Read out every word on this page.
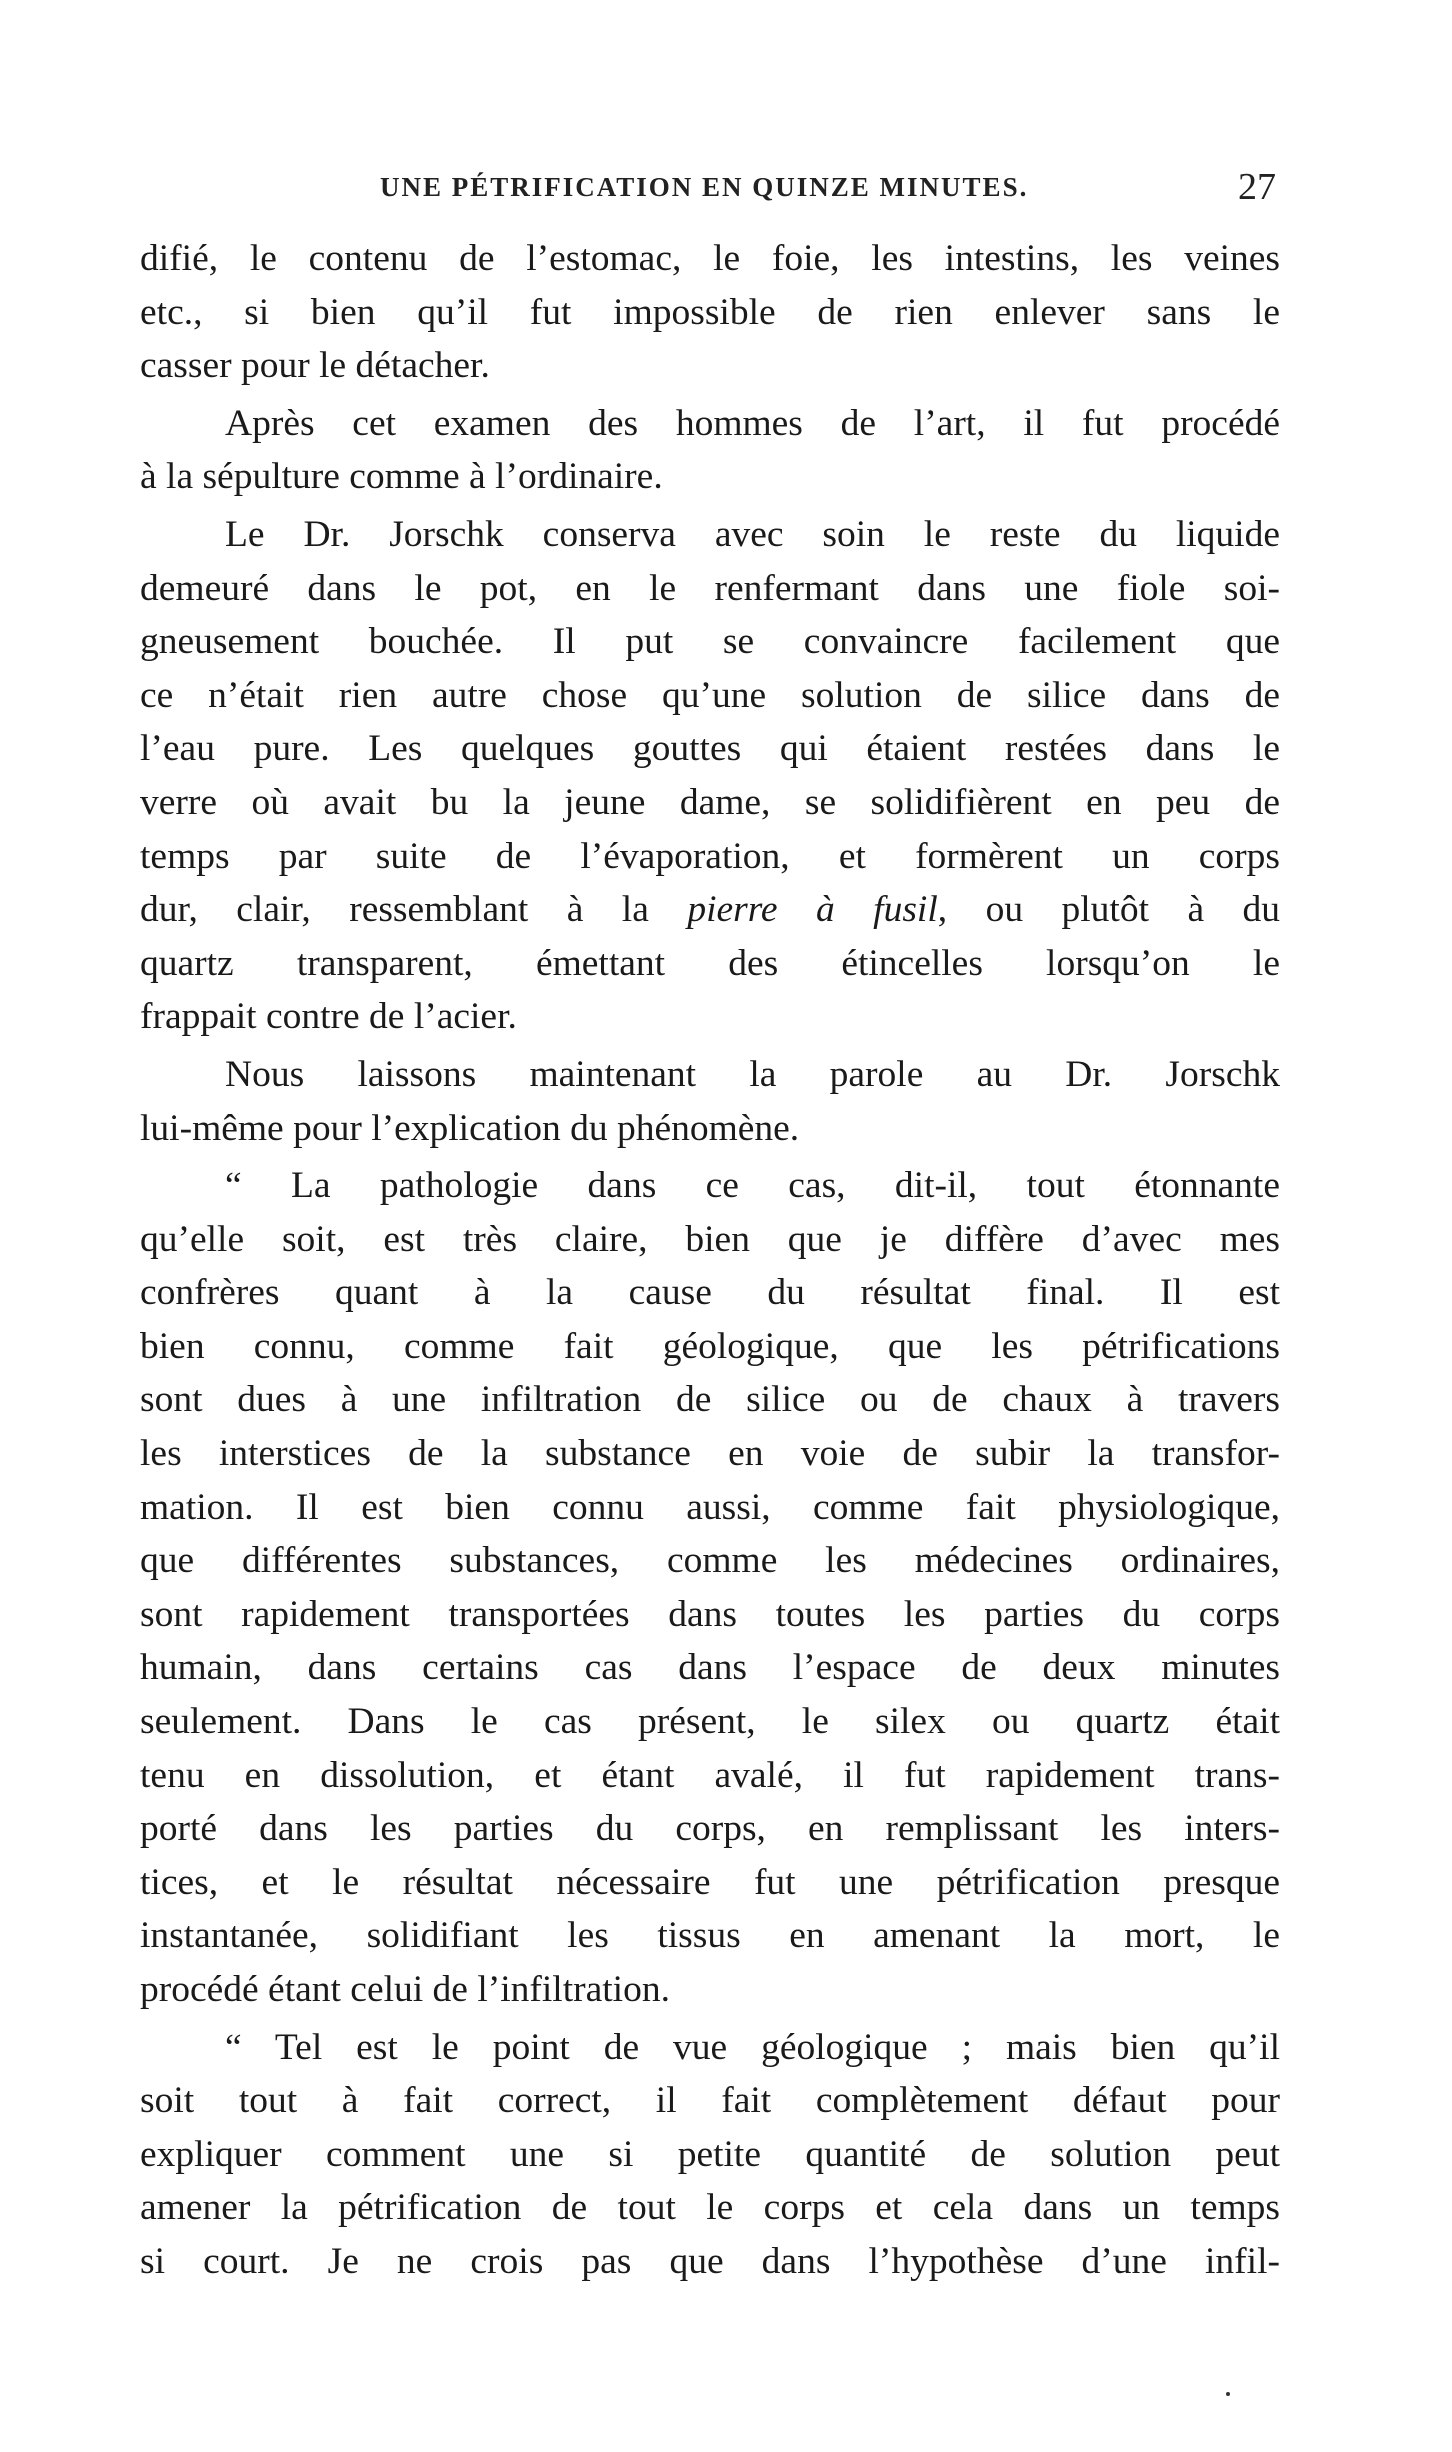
UNE PÉTRIFICATION EN QUINZE MINUTES.	27
difié, le contenu de l’estomac, le foie, les intestins, les veines
etc., si bien qu’il fut impossible de rien enlever sans le
casser pour le détacher.
Après cet examen des hommes de l’art, il fut procédé
à la sépulture comme à l’ordinaire.
Le Dr. Jorschk conserva avec soin le reste du liquide
demeuré dans le pot, en le renfermant dans une fiole soi-
gneusement bouchée. Il put se convaincre facilement que
ce n’était rien autre chose qu’une solution de silice dans de
l’eau pure. Les quelques gouttes qui étaient restées dans le
verre où avait bu la jeune dame, se solidifièrent en peu de
temps par suite de l’évaporation, et formèrent un corps
dur, clair, ressemblant à la pierre à fusil, ou plutôt à du
quartz transparent, émettant des étincelles lorsqu’on le
frappait contre de l’acier.
Nous laissons maintenant la parole au Dr. Jorschk
lui-même pour l’explication du phénomène.
“ La pathologie dans ce cas, dit-il, tout étonnante
qu’elle soit, est très claire, bien que je diffère d’avec mes
confrères quant à la cause du résultat final. Il est
bien connu, comme fait géologique, que les pétrifications
sont dues à une infiltration de silice ou de chaux à travers
les interstices de la substance en voie de subir la transfor-
mation. Il est bien connu aussi, comme fait physiologique,
que différentes substances, comme les médecines ordinaires,
sont rapidement transportées dans toutes les parties du corps
humain, dans certains cas dans l’espace de deux minutes
seulement. Dans le cas présent, le silex ou quartz était
tenu en dissolution, et étant avalé, il fut rapidement trans-
porté dans les parties du corps, en remplissant les inters-
tices, et le résultat nécessaire fut une pétrification presque
instantanée, solidifiant les tissus en amenant la mort, le
procédé étant celui de l’infiltration.
“ Tel est le point de vue géologique ; mais bien qu’il
soit tout à fait correct, il fait complètement défaut pour
expliquer comment une si petite quantité de solution peut
amener la pétrification de tout le corps et cela dans un temps
si court. Je ne crois pas que dans l’hypothèse d’une infil-
